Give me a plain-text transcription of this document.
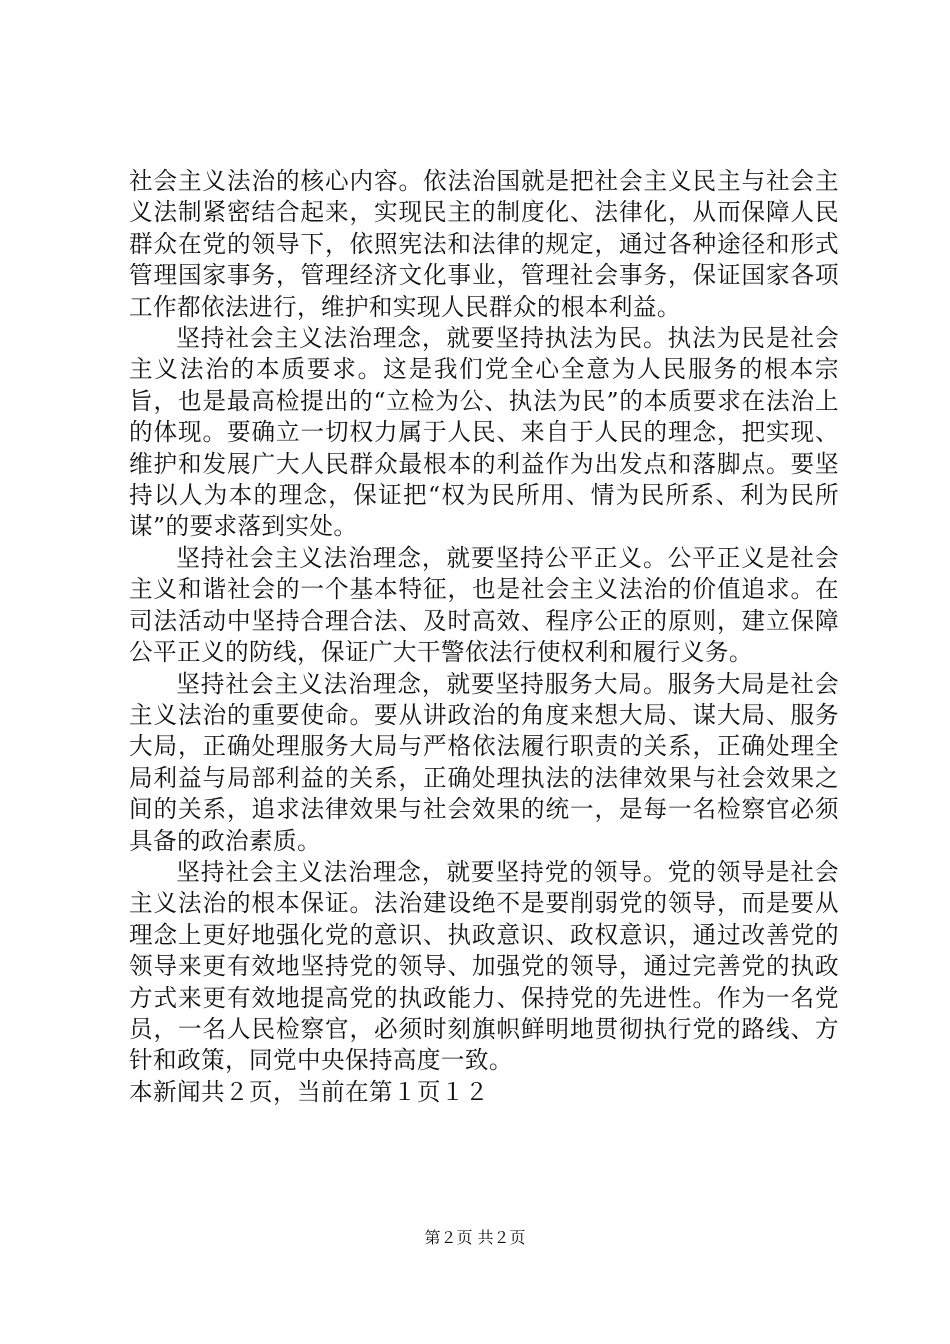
社会主义法治的核心内容。依法治国就是把社会主义民主与社会主义法制紧密结合起来，实现民主的制度化、法律化，从而保障人民群众在党的领导下，依照宪法和法律的规定，通过各种途径和形式管理国家事务，管理经济文化事业，管理社会事务，保证国家各项工作都依法进行，维护和实现人民群众的根本利益。

坚持社会主义法治理念，就要坚持执法为民。执法为民是社会主义法治的本质要求。这是我们党全心全意为人民服务的根本宗旨，也是最高检提出的“立检为公、执法为民”的本质要求在法治上的体现。要确立一切权力属于人民、来自于人民的理念，把实现、维护和发展广大人民群众最根本的利益作为出发点和落脚点。要坚持以人为本的理念，保证把“权为民所用、情为民所系、利为民所谋”的要求落到实处。

坚持社会主义法治理念，就要坚持公平正义。公平正义是社会主义和谐社会的一个基本特征，也是社会主义法治的价值追求。在司法活动中坚持合理合法、及时高效、程序公正的原则，建立保障公平正义的防线，保证广大干警依法行使权利和履行义务。

坚持社会主义法治理念，就要坚持服务大局。服务大局是社会主义法治的重要使命。要从讲政治的角度来想大局、谋大局、服务大局，正确处理服务大局与严格依法履行职责的关系，正确处理全局利益与局部利益的关系，正确处理执法的法律效果与社会效果之间的关系，追求法律效果与社会效果的统一，是每一名检察官必须具备的政治素质。

坚持社会主义法治理念，就要坚持党的领导。党的领导是社会主义法治的根本保证。法治建设绝不是要削弱党的领导，而是要从理念上更好地强化党的意识、执政意识、政权意识，通过改善党的领导来更有效地坚持党的领导、加强党的领导，通过完善党的执政方式来更有效地提高党的执政能力、保持党的先进性。作为一名党员，一名人民检察官，必须时刻旗帜鲜明地贯彻执行党的路线、方针和政策，同党中央保持高度一致。

本新闻共２页，当前在第１页１２

第２页 共２页
